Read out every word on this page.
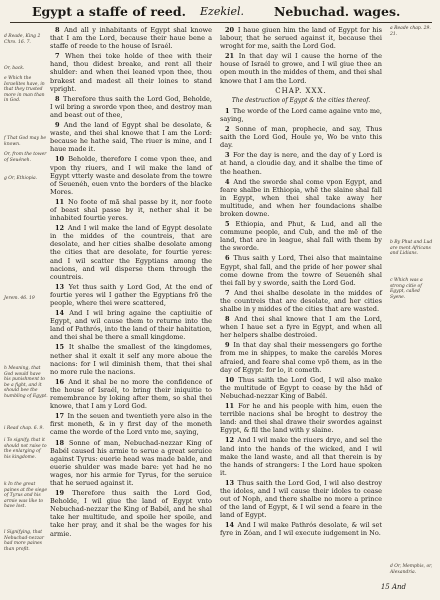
Egypt a staffe of reed. Ezekiel. Nebuchad. wages.
d Reade, King 2 Chro. 16. 7.
Or, back.
e Which the Israelites have, in that they trusted more in man than in God.
f That God may be known.
Or, from the tower of Seuéneh.
g Or, Ethiopia.
Jerem. 46. 19
h Meaning, that God would have his punishment to be a fight, and it should bee the humbling of Egypt.
i Read chap. 6. 9.
i To signify, that it should not raise to the enlarging of his kingdome.
k In the great paines at the siege of Tyrus and his armie was like to have lost.
l Signifying, that Nebuchad-nezzar had more paines than profit.

8 And all y inhabitants of Egypt shal knowe that I am the Lord, because their haue bene a staffe of reede to the house of Israél.

7 When thei toke holde of thee with their hand, thou didest breake, and rent all their shulder: and when thei leaned vpon thee, thou brakest and madest all their loines to stand vpright.

8 Therefore thus saith the Lord God, Beholde, I wil bring a sworde vpon thee, and destroy man and beast out of thee,

9 And the land of Egypt shal be desolate, & waste, and thei shal knowe that I am the Lord: because he hathe said, The riuer is mine, and I haue made it.

10 Beholde, therefore I come vpon thee, and vpon thy riuers, and I wil make the land of Egypt vtterly waste and desolate from the towre of Seuenéh, euen vnto the borders of the blacke Mores.

11 No foote of mã shal passe by it, nor foote of beast shal passe by it, nether shal it be inhabited fourtie yeres.

12 And I wil make the land of Egypt desolate in the middes of the countreis, that are desolate, and her cities shalbe desolate among the cities that are desolate, for fourtie yeres: and I wil scatter the Egyptians among the nacions, and wil disperse them through the countreis.

13 Yet thus saith y Lord God, At the end of fourtie yeres wil I gather the Egyptians frõ the people, where thei were scattered,

14 And I wil bring againe the captiuitie of Egypt, and wil cause them to returne into the land of Pathrós, into the land of their habitation, and thei shal be there a small kingdome.

15 It shalbe the smallest of the kingdomes, nether shal it exalt it self any more aboue the nacions: for I wil diminish them, that thei shal no more rule the nacions.

16 And it shal be no more the confidence of the house of Israél, to bring their iniquitie to remembrance by loking after them, so shal thei knowe, that I am y Lord God.

17 In the seuen and twentieth yere also in the first moneth, & in y first day of the moneth came the worde of the Lord vnto me, saying,

18 Sonne of man, Nebuchad-nezzar King of Babél caused his armie to serue a great seruice against Tyrus: euerie head was made balde, and euerie shulder was made bare: yet had he no wages, nor his armie for Tyrus, for the seruice that he serued against it.

19 Therefore thus saith the Lord God, Beholde, I wil giue the land of Egypt vnto Nebuchad-nezzar the King of Babél, and he shal take her multitude, and spoile her spoile, and take her pray, and it shal be the wages for his armie.

20 I haue giuen him the land of Egypt for his labour, that he serued against it, because thei wroght for me, saith the Lord God.

21 In that day wil I cause the horne of the house of Israél to growe, and I wil giue thee an open mouth in the middes of them, and thei shal knowe that I am the Lord.

CHAP. XXX.

The destruction of Egypt & the cities thereof.

1 The worde of the Lord came againe vnto me, saying,

2 Sonne of man, prophecie, and say, Thus saith the Lord God, Houle ye, Wo be vnto this day.

3 For the day is nere, and the day of y Lord is at hand, a cloudie day, and it shalbe the time of the heathen.

4 And the sworde shal come vpon Egypt, and feare shalbe in Ethiopia, whẽ the slaine shal fall in Egypt, when thei shal take away her multitude, and when her foundacions shalbe broken downe.

5 Ethiopia, and Phut, & Lud, and all the commune people, and Cub, and the mẽ of the land, that are in league, shal fall with them by the sworde.

6 Thus saith y Lord, Thei also that maintaine Egypt, shal fall, and the pride of her power shal come downe from the towre of Seuenéh shal thei fall by y sworde, saith the Lord God.

7 And thei shalbe desolate in the middes of the countreis that are desolate, and her cities shalbe in y middes of the cities that are wasted.

8 And thei shal knowe that I am the Lord, when I haue set a fyre in Egypt, and when all her helpers shalbe destroied.

9 In that day shal their messengers go forthe from me in shippes, to make the carelés Mores afraied, and feare shal come vpõ them, as in the day of Egypt: for lo, it cometh.

10 Thus saith the Lord God, I wil also make the multitude of Egypt to cease by the hãd of Nebuchad-nezzar King of Babél.

11 For he and his people with him, euen the terrible nacions shal be broght to destroy the land: and thei shal drawe their swordes against Egypt, & fil the land with y slaine.

12 And I wil make the riuers drye, and sel the land into the hands of the wicked, and I wil make the land waste, and all that therein is by the hands of strangers: I the Lord haue spoken it.

13 Thus saith the Lord God, I wil also destroy the idoles, and I wil cause their idoles to cease out of Noph, and there shalbe no more a prince of the land of Egypt, & I wil send a feare in the land of Egypt.

14 And I wil make Pathrós desolate, & wil set fyre in Zóan, and I wil execute iudgement in No.

a Reade chap. 29. 21.
b By Phut and Lud are ment Africans and Lidians.
c Which was a strong citie of Egypt, called Syene.
d Or, Memphis, or, Alexandria.
15 And
